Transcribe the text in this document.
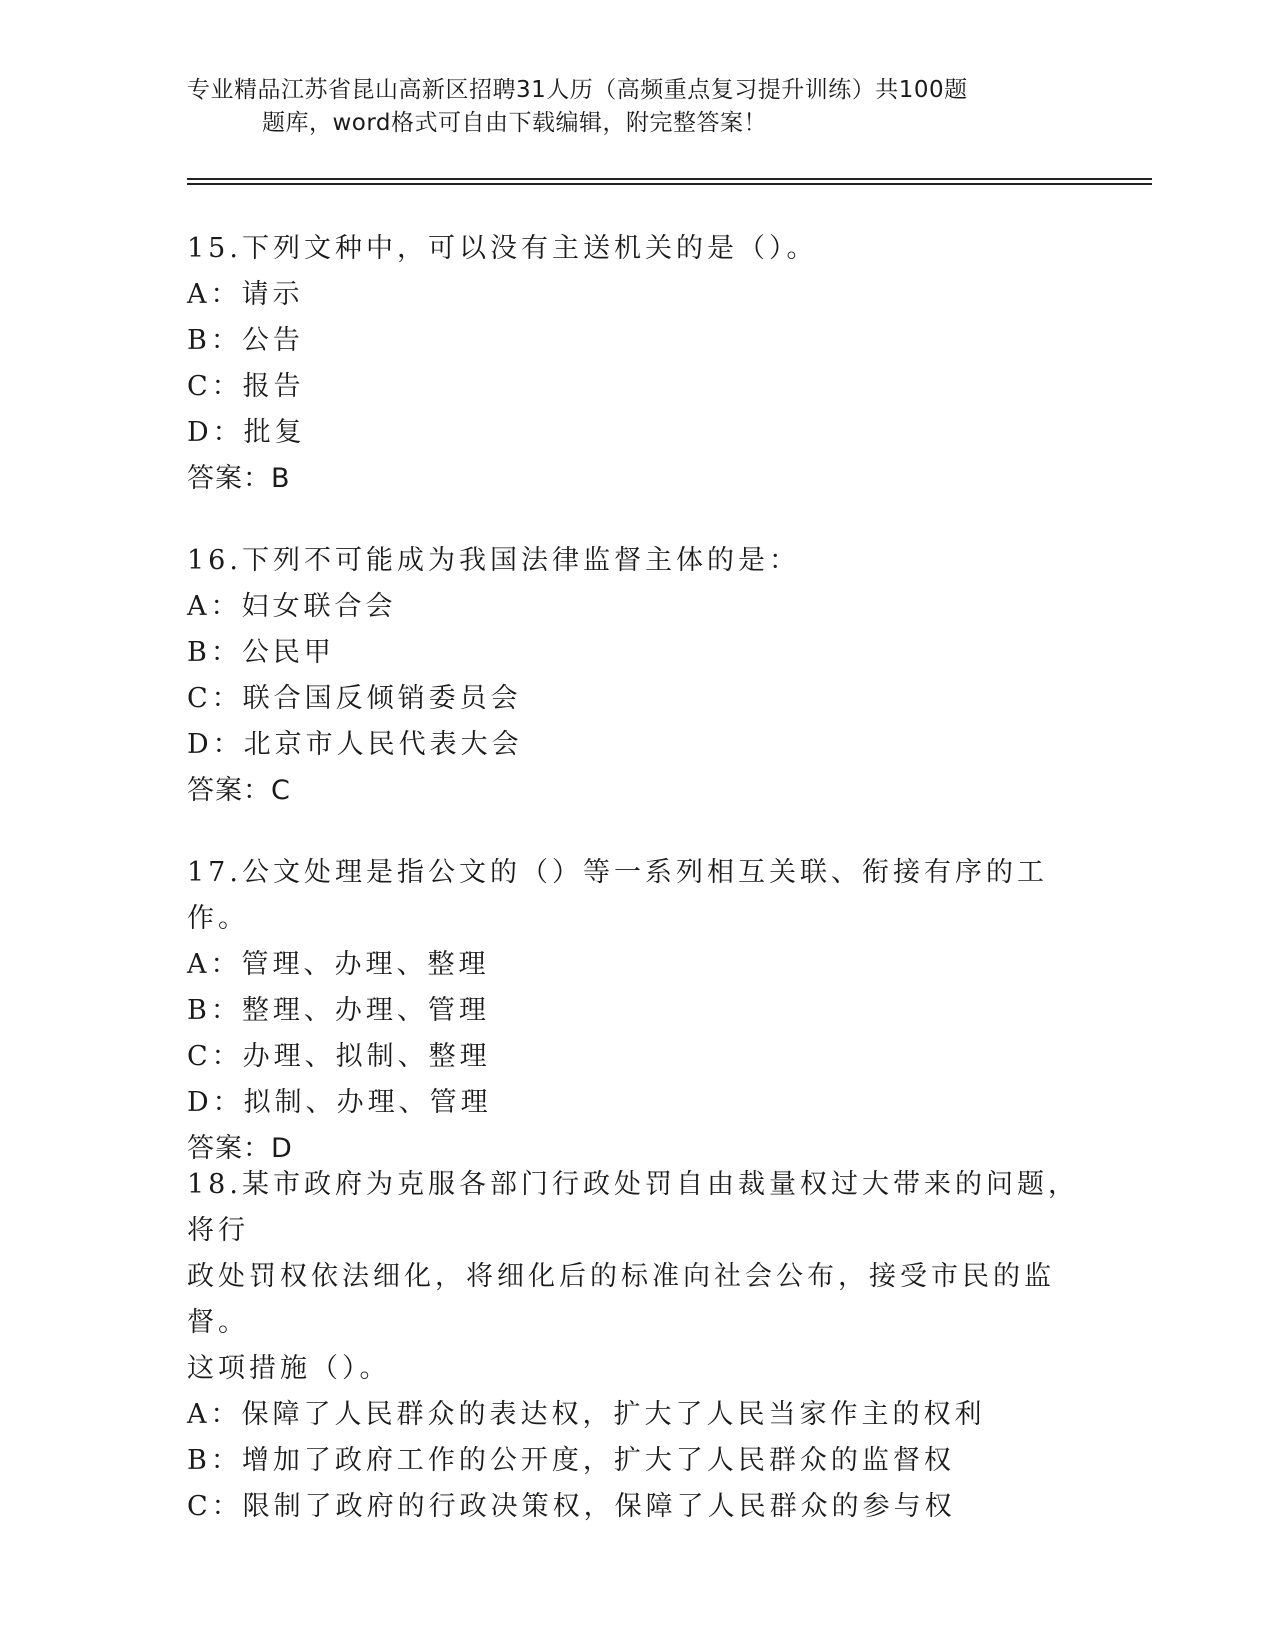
专业精品江苏省昆山高新区招聘31人历（高频重点复习提升训练）共100题
题库，word格式可自由下载编辑，附完整答案！

15.下列文种中，可以没有主送机关的是（）。

A：请示

B：公告

C：报告

D：批复

答案：B

16.下列不可能成为我国法律监督主体的是：

A：妇女联合会

B：公民甲

C：联合国反倾销委员会

D：北京市人民代表大会

答案：C

17.公文处理是指公文的（）等一系列相互关联、衔接有序的工作。

A：管理、办理、整理

B：整理、办理、管理

C：办理、拟制、整理

D：拟制、办理、管理

答案：D

18.某市政府为克服各部门行政处罚自由裁量权过大带来的问题，将行

政处罚权依法细化，将细化后的标准向社会公布，接受市民的监督。

这项措施（）。

A：保障了人民群众的表达权，扩大了人民当家作主的权利

B：增加了政府工作的公开度，扩大了人民群众的监督权

C：限制了政府的行政决策权，保障了人民群众的参与权
